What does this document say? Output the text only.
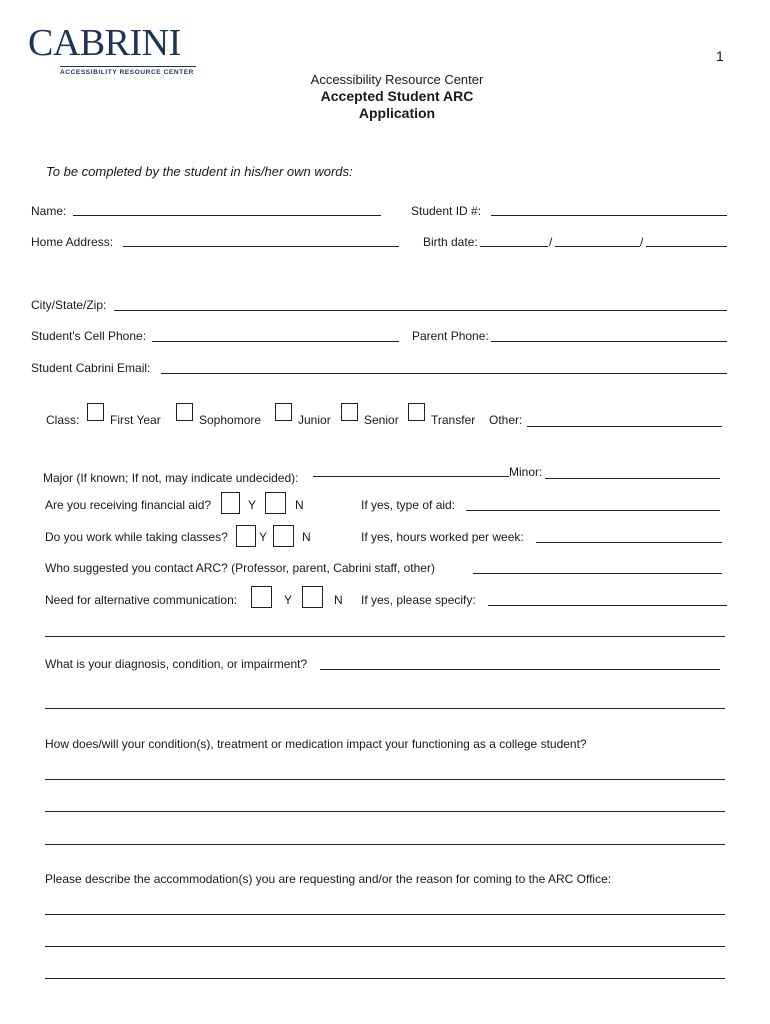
CABRINI
ACCESSIBILITY RESOURCE CENTER
1
Accessibility Resource Center
Accepted Student ARC
Application
To be completed by the student in his/her own words:
Name:	Student ID #:
Home Address:	Birth date:	/	/
City/State/Zip:
Student's Cell Phone:	Parent Phone:
Student Cabrini Email:
Class:	First Year	Sophomore	Junior	Senior	Transfer Other:
Major (If known; If not, may indicate undecided):	Minor:
Are you receiving financial aid?	Y	N	If yes, type of aid:
Do you work while taking classes?	Y	N	If yes, hours worked per week:
Who suggested you contact ARC? (Professor, parent, Cabrini staff, other)
Need for alternative communication:	Y	N If yes, please specify:
What is your diagnosis, condition, or impairment?
How does/will your condition(s), treatment or medication impact your functioning as a college student?
Please describe the accommodation(s) you are requesting and/or the reason for coming to the ARC Office:
